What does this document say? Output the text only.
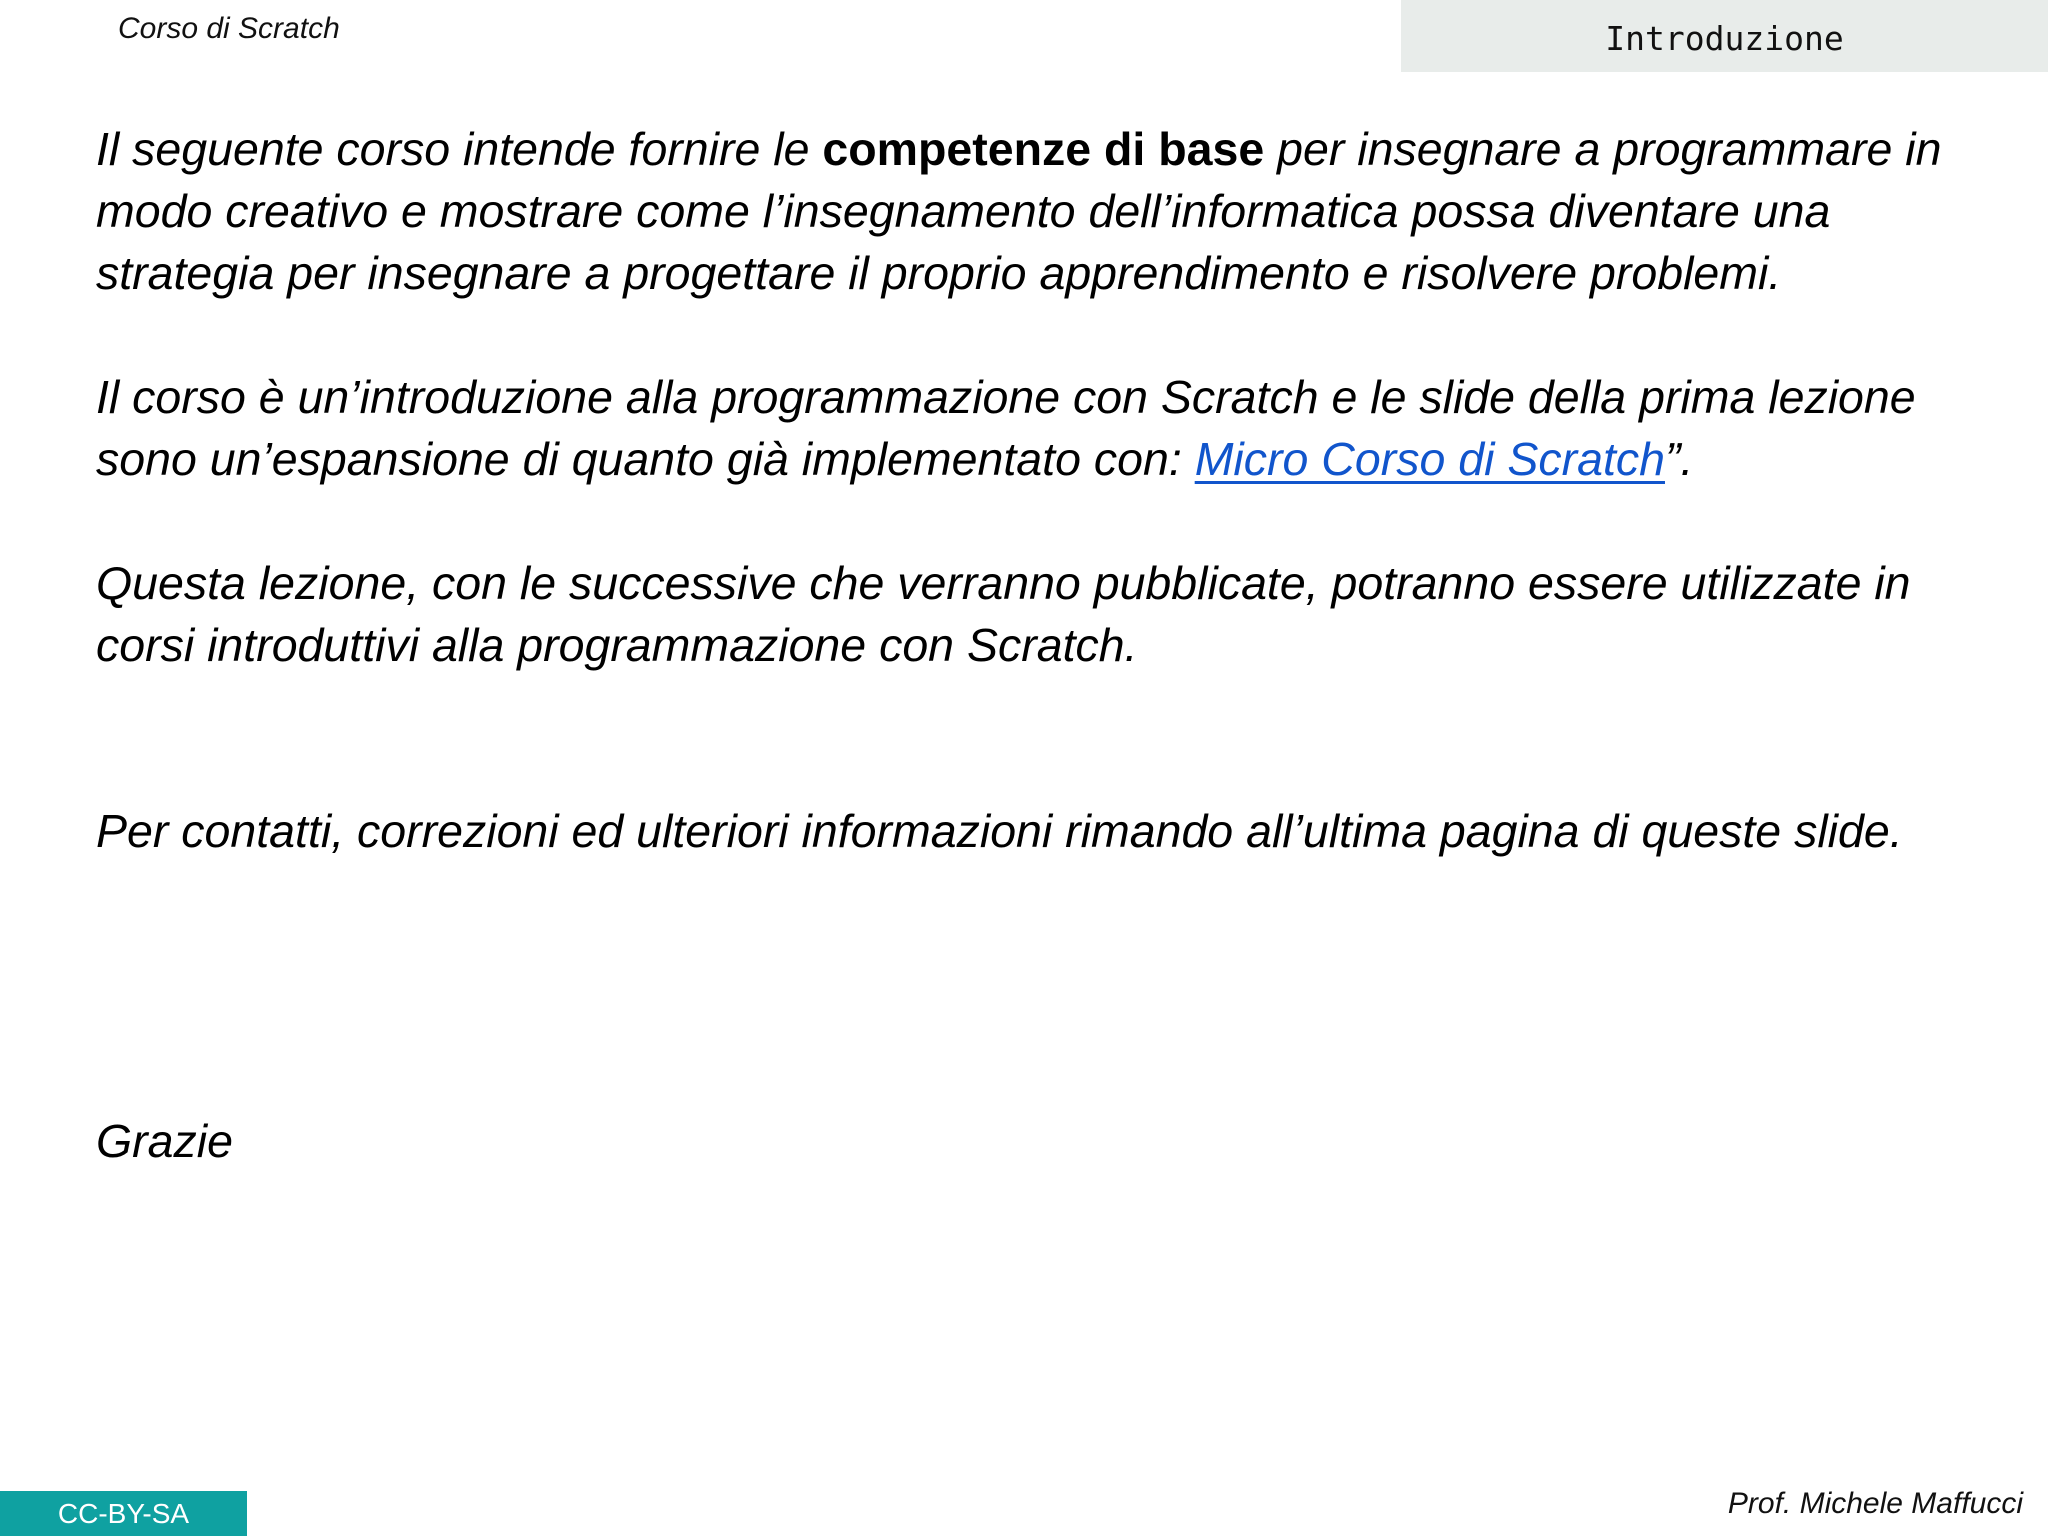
Corso di Scratch	Introduzione

Il seguente corso intende fornire le competenze di base per insegnare a programmare in modo creativo e mostrare come l’insegnamento dell’informatica possa diventare una strategia per insegnare a progettare il proprio apprendimento e risolvere problemi.

Il corso è un’introduzione alla programmazione con Scratch e le slide della prima lezione sono un’espansione di quanto già implementato con: Micro Corso di Scratch”.

Questa lezione, con le successive che verranno pubblicate, potranno essere utilizzate in corsi introduttivi alla programmazione con Scratch.

Per contatti, correzioni ed ulteriori informazioni rimando all’ultima pagina di queste slide.

Grazie

CC-BY-SA	Prof. Michele Maffucci
